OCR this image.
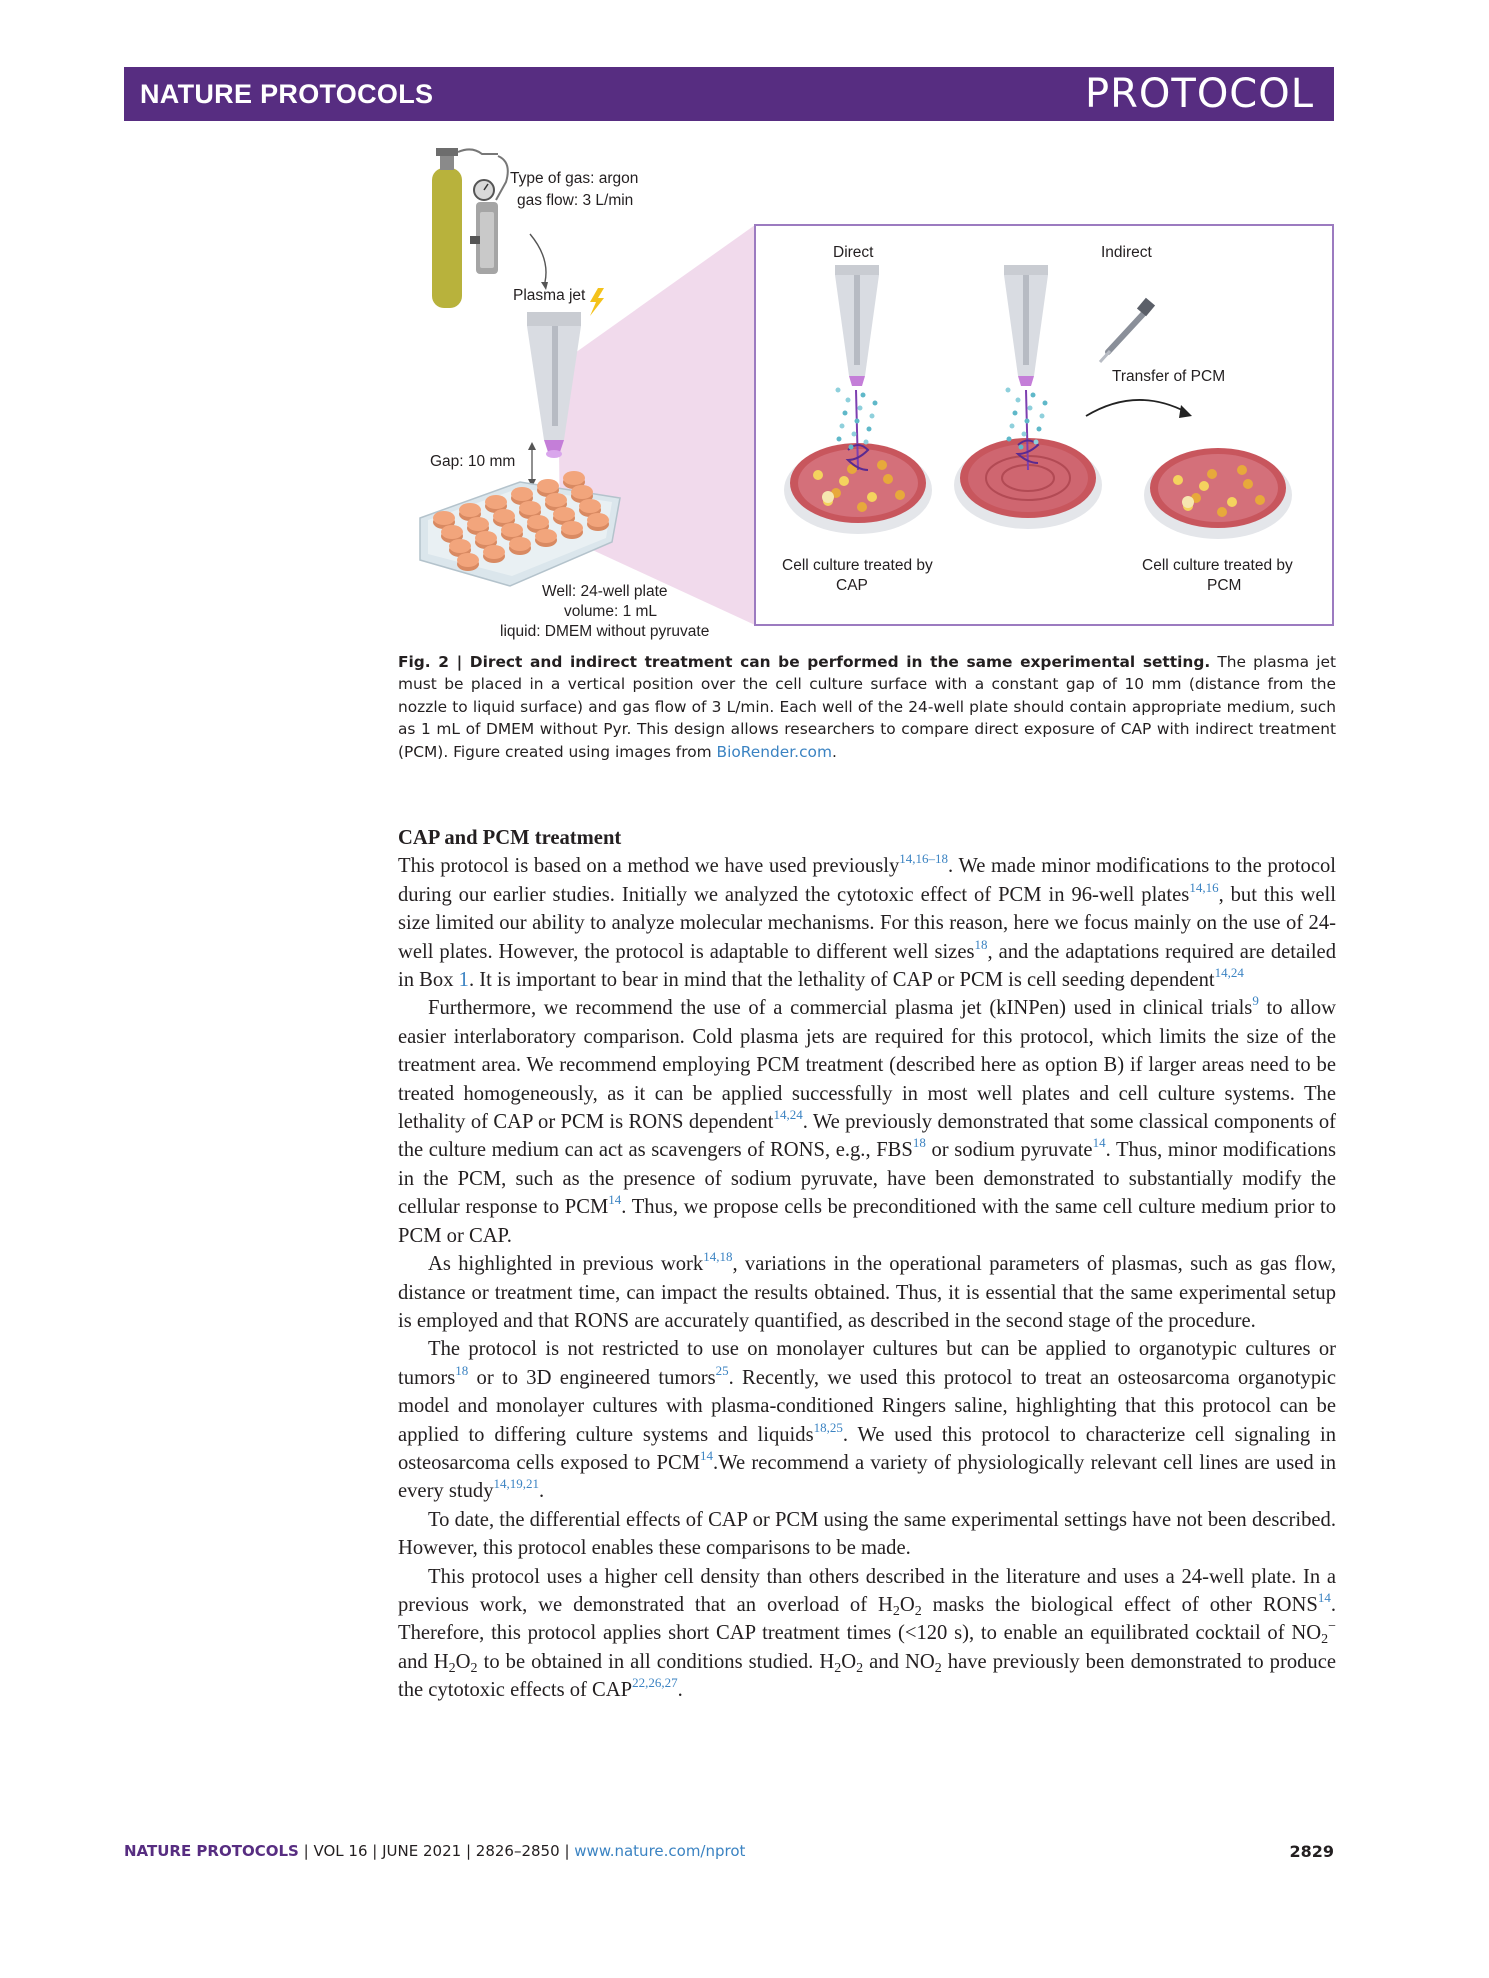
NATURE PROTOCOLS	PROTOCOL
Type of gas: argon
gas flow: 3 L/min
Plasma jet
Gap: 10 mm
Well: 24-well plate
volume: 1 mL
liquid: DMEM without pyruvate
Direct	Indirect
Transfer of PCM
Cell culture treated by
CAP
Cell culture treated by
PCM
Fig. 2 | Direct and indirect treatment can be performed in the same experimental setting. The plasma jet must be placed in a vertical position over the cell culture surface with a constant gap of 10 mm (distance from the nozzle to liquid surface) and gas flow of 3 L/min. Each well of the 24-well plate should contain appropriate medium, such as 1 mL of DMEM without Pyr. This design allows researchers to compare direct exposure of CAP with indirect treatment (PCM). Figure created using images from BioRender.com.

CAP and PCM treatment

This protocol is based on a method we have used previously$^{14,16-18}$. We made minor modifications to the protocol during our earlier studies. Initially we analyzed the cytotoxic effect of PCM in 96-well plates$^{14,16}$, but this well size limited our ability to analyze molecular mechanisms. For this reason, here we focus mainly on the use of 24-well plates. However, the protocol is adaptable to different well sizes$^{18}$, and the adaptations required are detailed in Box 1. It is important to bear in mind that the lethality of CAP or PCM is cell seeding dependent$^{14,24}$

Furthermore, we recommend the use of a commercial plasma jet (kINPen) used in clinical trials$^9$ to allow easier interlaboratory comparison. Cold plasma jets are required for this protocol, which limits the size of the treatment area. We recommend employing PCM treatment (described here as option B) if larger areas need to be treated homogeneously, as it can be applied successfully in most well plates and cell culture systems. The lethality of CAP or PCM is RONS dependent$^{14,24}$. We previously demonstrated that some classical components of the culture medium can act as scavengers of RONS, e.g., FBS$^{18}$ or sodium pyruvate$^{14}$. Thus, minor modifications in the PCM, such as the presence of sodium pyruvate, have been demonstrated to substantially modify the cellular response to PCM$^{14}$. Thus, we propose cells be preconditioned with the same cell culture medium prior to PCM or CAP.

As highlighted in previous work$^{14,18}$, variations in the operational parameters of plasmas, such as gas flow, distance or treatment time, can impact the results obtained. Thus, it is essential that the same experimental setup is employed and that RONS are accurately quantified, as described in the second stage of the procedure.

The protocol is not restricted to use on monolayer cultures but can be applied to organotypic cultures or tumors$^{18}$ or to 3D engineered tumors$^{25}$. Recently, we used this protocol to treat an osteosarcoma organotypic model and monolayer cultures with plasma-conditioned Ringers saline, highlighting that this protocol can be applied to differing culture systems and liquids$^{18,25}$. We used this protocol to characterize cell signaling in osteosarcoma cells exposed to PCM$^{14}$.We recommend a variety of physiologically relevant cell lines are used in every study$^{14,19,21}$.

To date, the differential effects of CAP or PCM using the same experimental settings have not been described. However, this protocol enables these comparisons to be made.

This protocol uses a higher cell density than others described in the literature and uses a 24-well plate. In a previous work, we demonstrated that an overload of $H_2O_2$ masks the biological effect of other RONS$^{14}$. Therefore, this protocol applies short CAP treatment times (<120 s), to enable an equilibrated cocktail of $NO_2^-$ and $H_2O_2$ to be obtained in all conditions studied. $H_2O_2$ and $NO_2$ have previously been demonstrated to produce the cytotoxic effects of CAP$^{22,26,27}$.

NATURE PROTOCOLS | VOL 16 | JUNE 2021 | 2826–2850 | www.nature.com/nprot	2829
